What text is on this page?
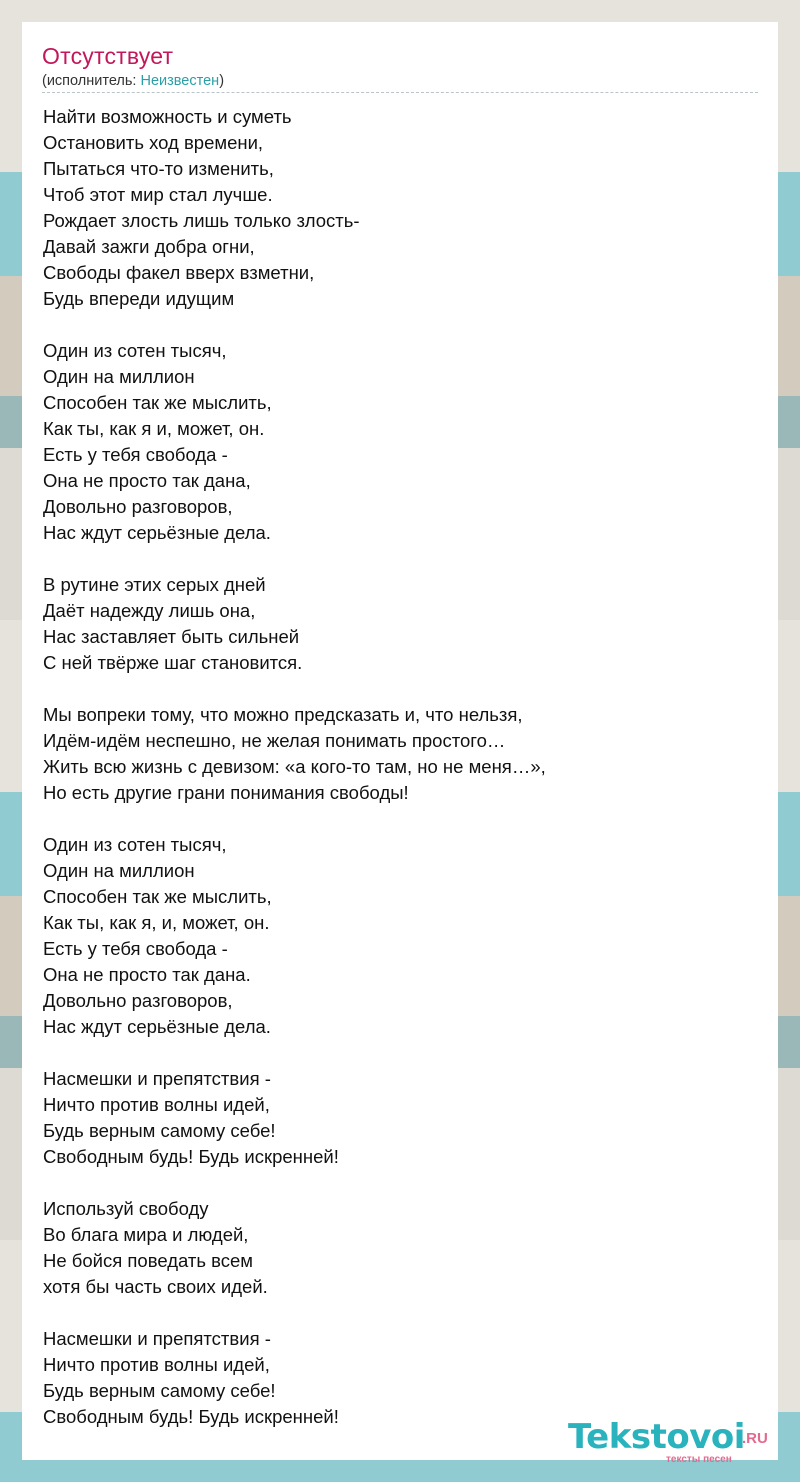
Отсутствует
(исполнитель: Неизвестен)
Найти возможность и суметь
Остановить ход времени,
Пытаться что-то изменить,
Чтоб этот мир стал лучше.
Рождает злость лишь только злость-
Давай зажги добра огни,
Свободы факел вверх взметни,
Будь впереди идущим
Один из сотен тысяч,
Один на миллион
Способен так же мыслить,
Как ты, как я и, может, он.
Есть у тебя свобода -
Она не просто так дана,
Довольно разговоров,
Нас ждут серьёзные дела.
В рутине этих серых дней
Даёт надежду лишь она,
Нас заставляет быть сильней
С ней твёрже шаг становится.
Мы вопреки тому, что можно предсказать и, что нельзя,
Идём-идём неспешно, не желая понимать простого…
Жить всю жизнь с девизом: «а кого-то там, но не меня…»,
Но есть другие грани понимания свободы!
Один из сотен тысяч,
Один на миллион
Способен так же мыслить,
Как ты, как я, и, может, он.
Есть у тебя свобода -
Она не просто так дана.
Довольно разговоров,
Нас ждут серьёзные дела.
Насмешки и препятствия -
Ничто против волны идей,
Будь верным самому себе!
Свободным будь! Будь искренней!
Используй свободу
Во блага мира и людей,
Не бойся поведать всем
хотя бы часть своих идей.
Насмешки и препятствия -
Ничто против волны идей,
Будь верным самому себе!
Свободным будь! Будь искренней!
Tekstovoi
.RU
тексты песен
